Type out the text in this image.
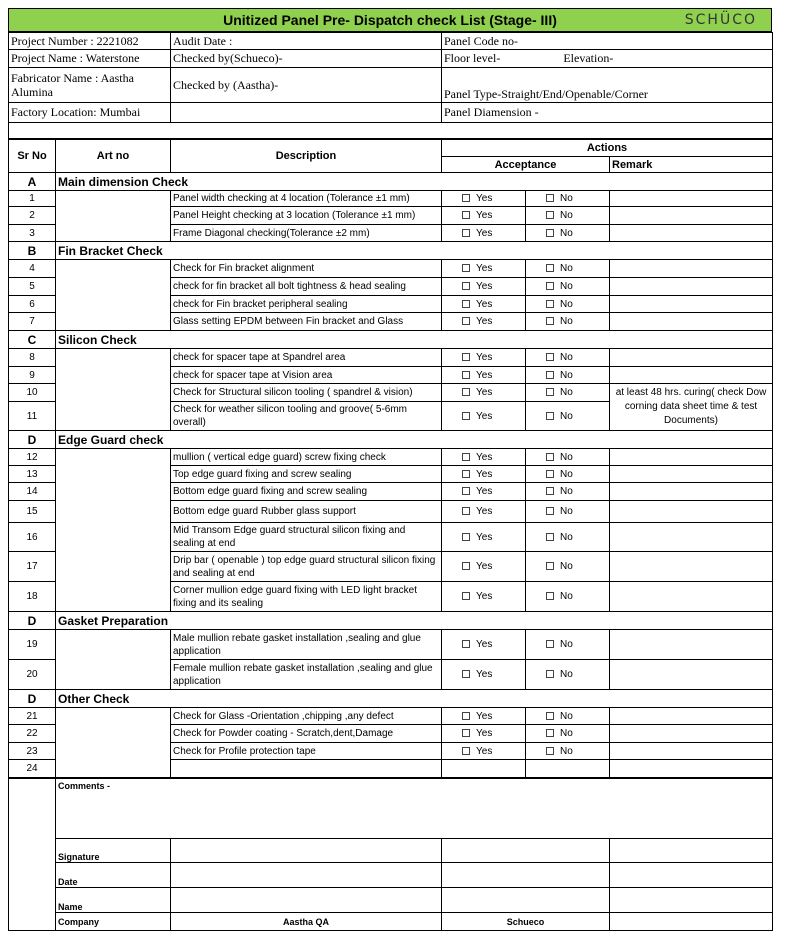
Unitized Panel Pre- Dispatch check List (Stage- III)	SCHÜCO
Project Number : 2221082	Audit Date :	Panel Code no-
Project Name : Waterstone	Checked by(Schueco)-	Floor level- Elevation-
Fabricator Name : Aastha Alumina	Checked by (Aastha)-	Panel Type-Straight/End/Openable/Corner
Factory Location: Mumbai		Panel Diamension -

Sr No	Art no	Description	Actions		
			Acceptance		Remark
A	Main dimension Check				
1		Panel width checking at 4 location (Tolerance ±1 mm)	Yes	No	
2		Panel Height checking at 3 location (Tolerance ±1 mm)	Yes	No	
3		Frame Diagonal checking(Tolerance ±2 mm)	Yes	No	
B	Fin Bracket Check				
4		Check for Fin bracket alignment	Yes	No	
5		check for fin bracket all bolt tightness & head sealing	Yes	No	
6		check for Fin bracket peripheral sealing	Yes	No	
7		Glass setting EPDM between Fin bracket and Glass	Yes	No	
C	Silicon Check				
8		check for spacer tape at Spandrel area	Yes	No	
9		check for spacer tape at Vision area	Yes	No	
10		Check for Structural silicon tooling ( spandrel & vision)	Yes	No	at least 48 hrs. curing( check Dow corning data sheet time & test Documents)
11		Check for weather silicon tooling and groove( 5-6mm overall)	Yes	No	
D	Edge Guard check				
12		mullion ( vertical edge guard) screw fixing check	Yes	No	
13		Top edge guard fixing and screw sealing	Yes	No	
14		Bottom edge guard fixing and screw sealing	Yes	No	
15		Bottom edge guard Rubber glass support	Yes	No	
16		Mid Transom Edge guard structural silicon fixing and sealing at end	Yes	No	
17		Drip bar ( openable ) top edge guard structural silicon fixing and sealing at end	Yes	No	
18		Corner mullion edge guard fixing with LED light bracket fixing and its sealing	Yes	No	
D	Gasket Preparation				
19		Male mullion rebate gasket installation ,sealing and glue application	Yes	No	
20		Female mullion rebate gasket installation ,sealing and glue application	Yes	No	
D	Other Check				
21		Check for Glass -Orientation ,chipping ,any defect	Yes	No	
22		Check for Powder coating - Scratch,dent,Damage	Yes	No	
23		Check for Profile protection tape	Yes	No	
24					
	Comments -			
	Signature			
	Date			
	Name			
	Company	Aastha QA	Schueco	
